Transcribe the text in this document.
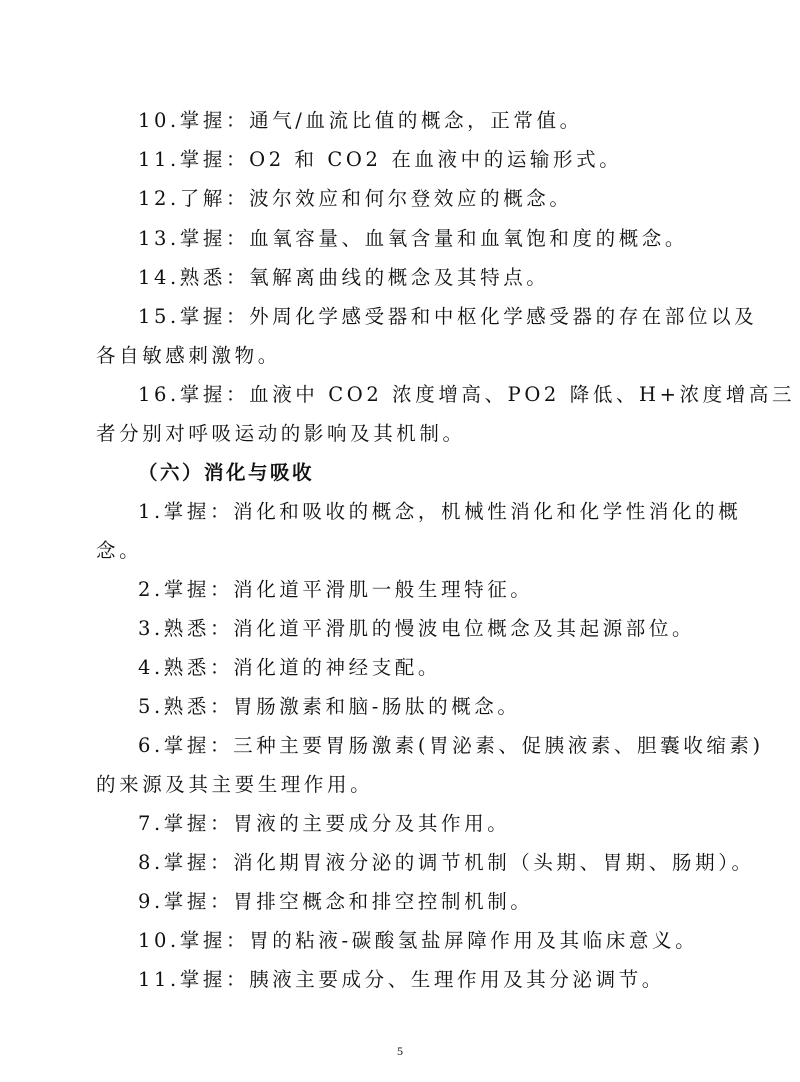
10.掌握：通气/血流比值的概念，正常值。
11.掌握：O2 和 CO2 在血液中的运输形式。
12.了解：波尔效应和何尔登效应的概念。
13.掌握：血氧容量、血氧含量和血氧饱和度的概念。
14.熟悉：氧解离曲线的概念及其特点。
15.掌握：外周化学感受器和中枢化学感受器的存在部位以及
各自敏感刺激物。
16.掌握：血液中 CO2 浓度增高、PO2 降低、H+浓度增高三
者分别对呼吸运动的影响及其机制。
（六）消化与吸收
1.掌握：消化和吸收的概念，机械性消化和化学性消化的概
念。
2.掌握：消化道平滑肌一般生理特征。
3.熟悉：消化道平滑肌的慢波电位概念及其起源部位。
4.熟悉：消化道的神经支配。
5.熟悉：胃肠激素和脑-肠肽的概念。
6.掌握：三种主要胃肠激素(胃泌素、促胰液素、胆囊收缩素)
的来源及其主要生理作用。
7.掌握：胃液的主要成分及其作用。
8.掌握：消化期胃液分泌的调节机制（头期、胃期、肠期）。
9.掌握：胃排空概念和排空控制机制。
10.掌握：胃的粘液-碳酸氢盐屏障作用及其临床意义。
11.掌握：胰液主要成分、生理作用及其分泌调节。
5
